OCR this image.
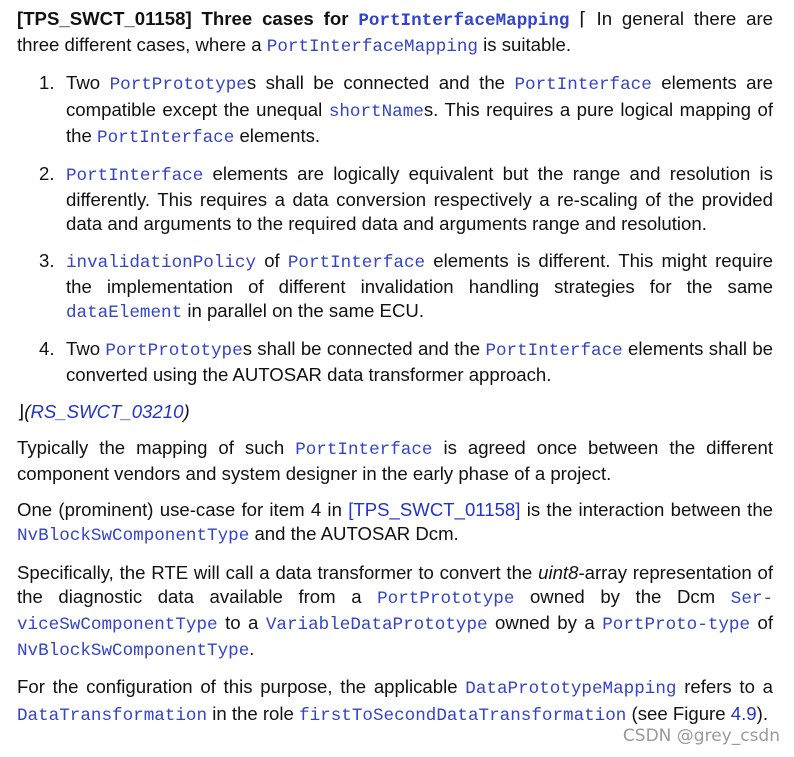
[TPS_SWCT_01158] Three cases for PortInterfaceMapping ⌈ In general there are three different cases, where a PortInterfaceMapping is suitable.

1. Two PortPrototypes shall be connected and the PortInterface elements are compatible except the unequal shortNames. This requires a pure logical mapping of the PortInterface elements.
2. PortInterface elements are logically equivalent but the range and resolution is differently. This requires a data conversion respectively a re-scaling of the provided data and arguments to the required data and arguments range and resolution.
3. invalidationPolicy of PortInterface elements is different. This might require the implementation of different invalidation handling strategies for the same dataElement in parallel on the same ECU.
4. Two PortPrototypes shall be connected and the PortInterface elements shall be converted using the AUTOSAR data transformer approach.

⌋(RS_SWCT_03210)

Typically the mapping of such PortInterface is agreed once between the different component vendors and system designer in the early phase of a project.

One (prominent) use-case for item 4 in [TPS_SWCT_01158] is the interaction between the NvBlockSwComponentType and the AUTOSAR Dcm.

Specifically, the RTE will call a data transformer to convert the uint8-array representation of the diagnostic data available from a PortPrototype owned by the Dcm Ser-viceSwComponentType to a VariableDataPrototype owned by a PortProto-type of NvBlockSwComponentType.

For the configuration of this purpose, the applicable DataPrototypeMapping refers to a DataTransformation in the role firstToSecondDataTransformation (see Figure 4.9).

CSDN @grey_csdn
